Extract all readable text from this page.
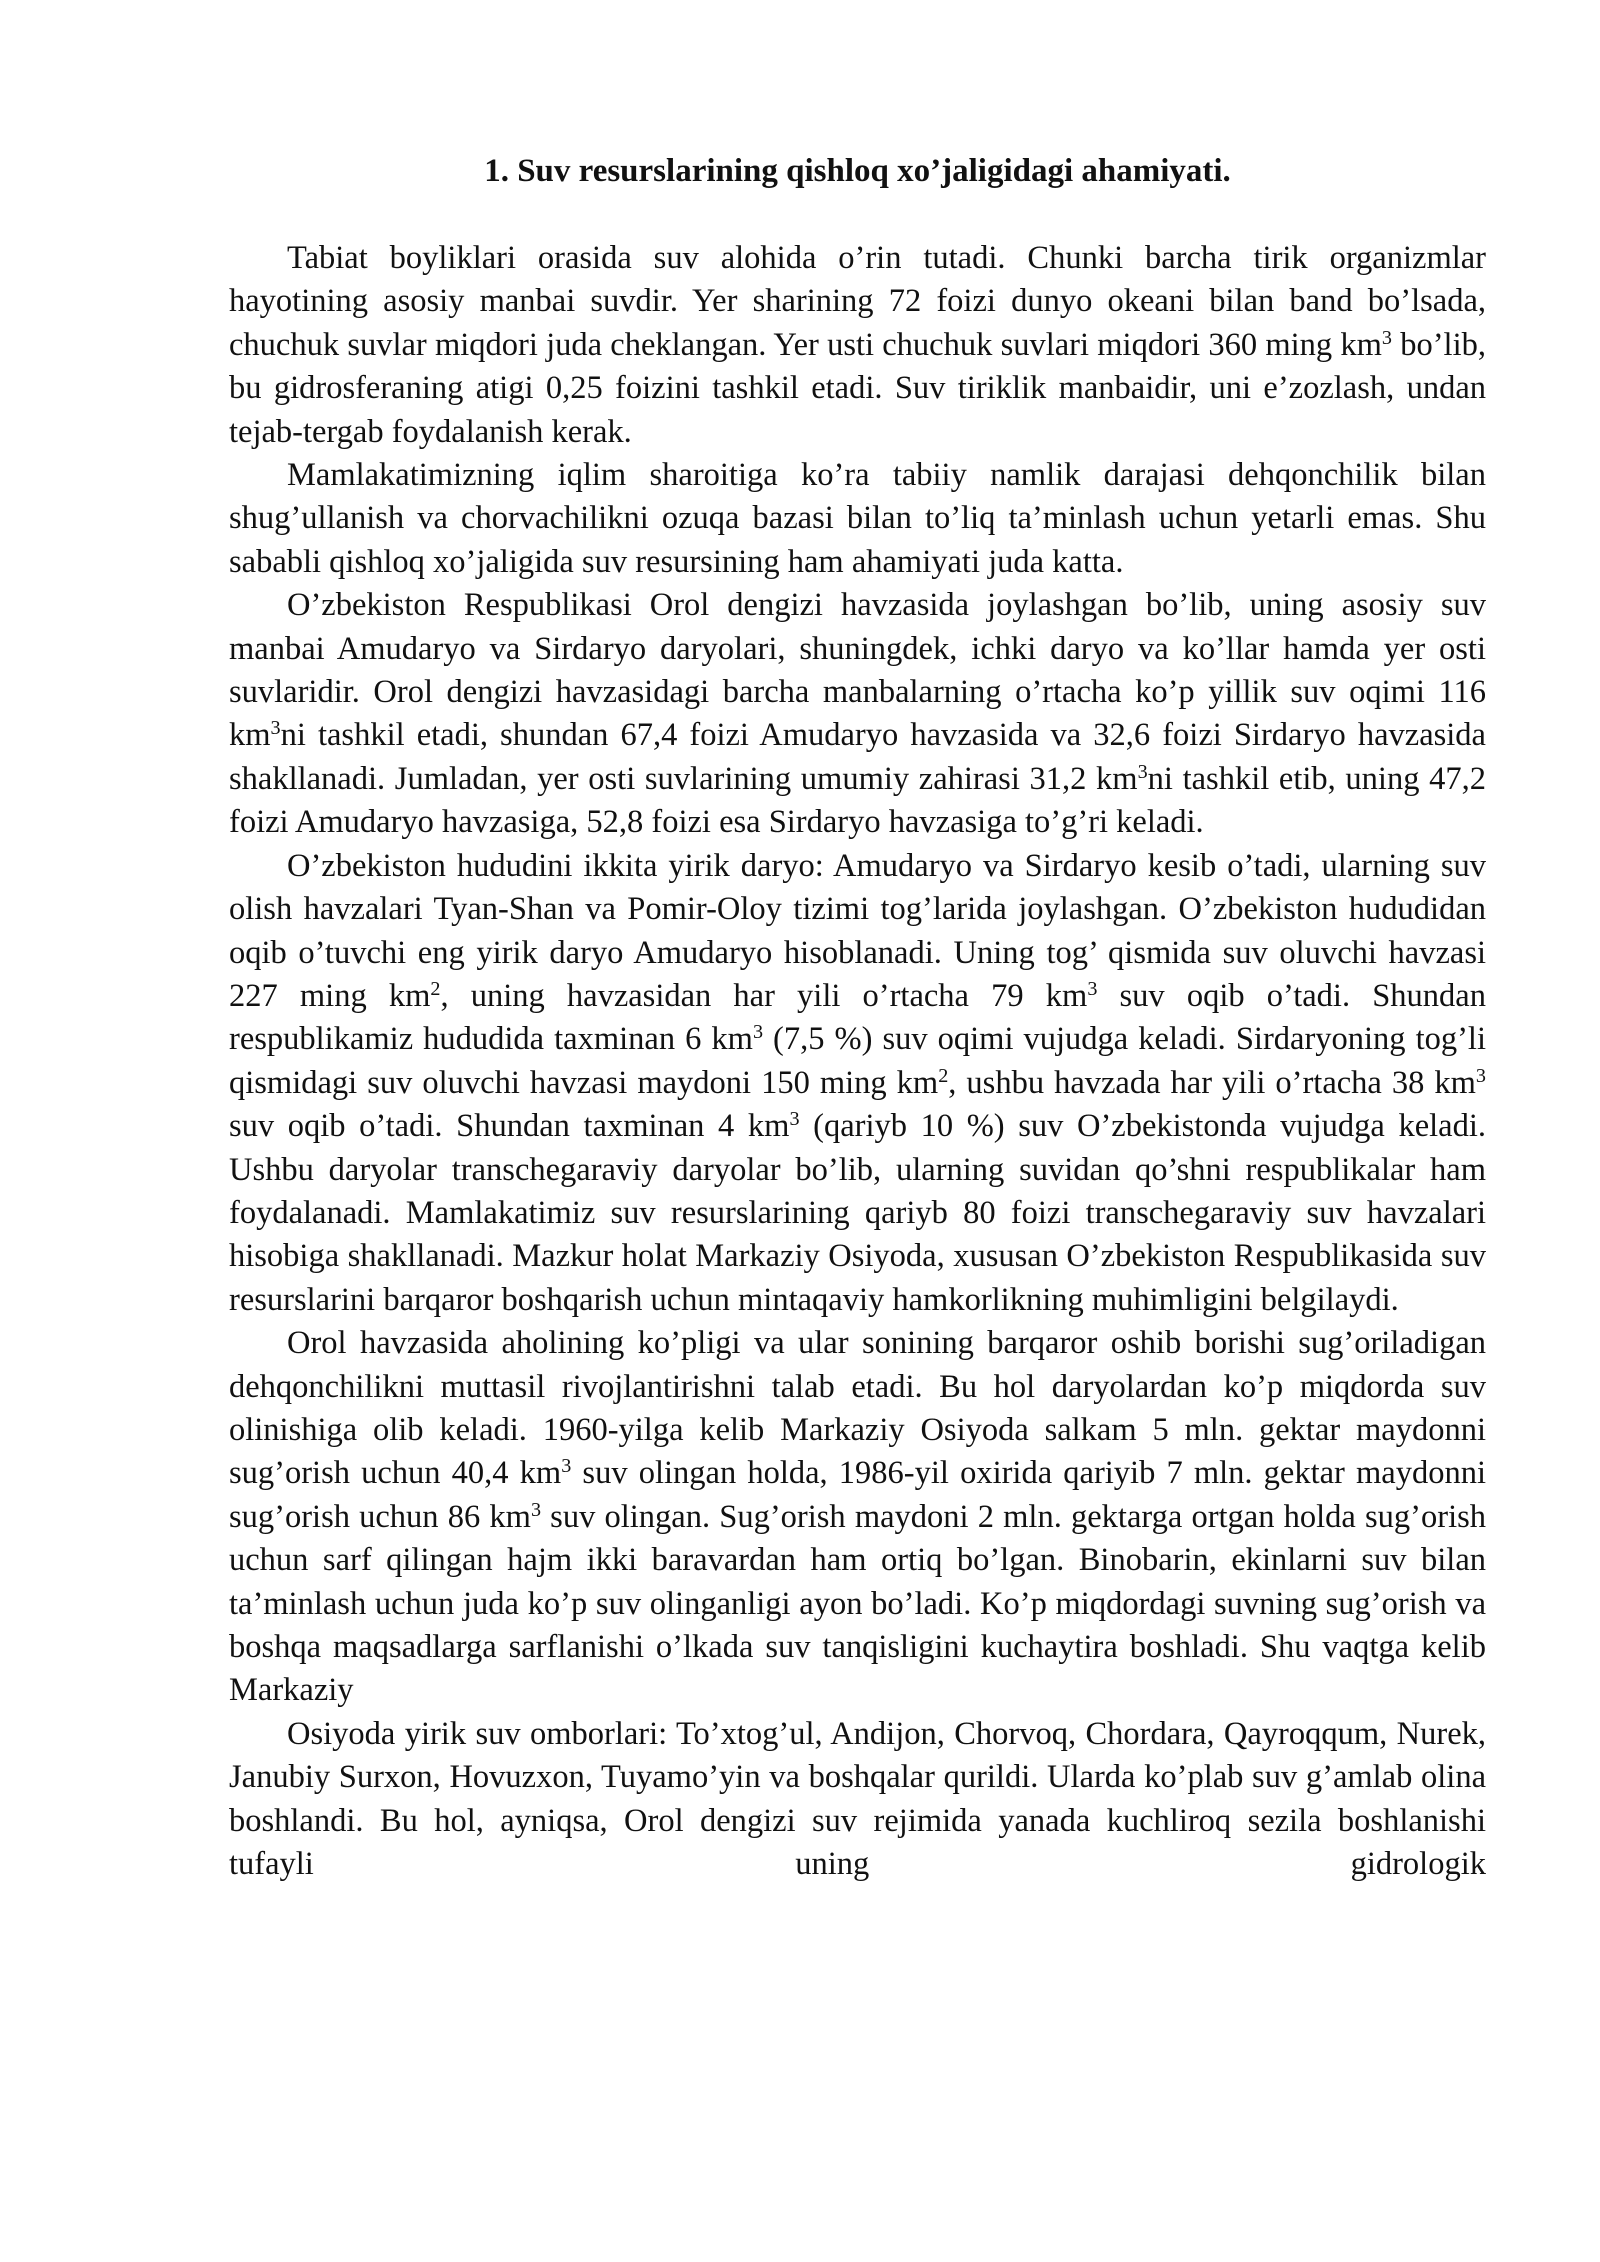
1. Suv resurslarining qishloq xo’jaligidagi ahamiyati.

Tabiat boyliklari orasida suv alohida o’rin tutadi. Chunki barcha tirik organizmlar hayotining asosiy manbai suvdir. Yer sharining 72 foizi dunyo okeani bilan band bo’lsada, chuchuk suvlar miqdori juda cheklangan. Yer usti chuchuk suvlari miqdori 360 ming $km^3$ bo’lib, bu gidrosferaning atigi 0,25 foizini tashkil etadi. Suv tiriklik manbaidir, uni e’zozlash, undan tejab-tergab foydalanish kerak.

Mamlakatimizning iqlim sharoitiga ko’ra tabiiy namlik darajasi dehqonchilik bilan shug’ullanish va chorvachilikni ozuqa bazasi bilan to’liq ta’minlash uchun yetarli emas. Shu sababli qishloq xo’jaligida suv resursining ham ahamiyati juda katta.

O’zbekiston Respublikasi Orol dengizi havzasida joylashgan bo’lib, uning asosiy suv manbai Amudaryo va Sirdaryo daryolari, shuningdek, ichki daryo va ko’llar hamda yer osti suvlaridir. Orol dengizi havzasidagi barcha manbalarning o’rtacha ko’p yillik suv oqimi 116 $km^3ni$ tashkil etadi, shundan 67,4 foizi Amudaryo havzasida va 32,6 foizi Sirdaryo havzasida shakllanadi. Jumladan, yer osti suvlarining umumiy zahirasi 31,2 $km^3ni$ tashkil etib, uning 47,2 foizi Amudaryo havzasiga, 52,8 foizi esa Sirdaryo havzasiga to’g’ri keladi.

O’zbekiston hududini ikkita yirik daryo: Amudaryo va Sirdaryo kesib o’tadi, ularning suv olish havzalari Tyan-Shan va Pomir-Oloy tizimi tog’larida joylashgan. O’zbekiston hududidan oqib o’tuvchi eng yirik daryo Amudaryo hisoblanadi. Uning tog’ qismida suv oluvchi havzasi 227 ming $km^2$, uning havzasidan har yili o’rtacha 79 $km^3$ suv oqib o’tadi. Shundan respublikamiz hududida taxminan 6 $km^3$ (7,5 %) suv oqimi vujudga keladi. Sirdaryoning tog’li qismidagi suv oluvchi havzasi maydoni 150 ming $km^2$, ushbu havzada har yili o’rtacha 38 $km^3$ suv oqib o’tadi. Shundan taxminan 4 $km^3$ (qariyb 10 %) suv O’zbekistonda vujudga keladi. Ushbu daryolar transchegaraviy daryolar bo’lib, ularning suvidan qo’shni respublikalar ham foydalanadi. Mamlakatimiz suv resurslarining qariyb 80 foizi transchegaraviy suv havzalari hisobiga shakllanadi. Mazkur holat Markaziy Osiyoda, xususan O’zbekiston Respublikasida suv resurslarini barqaror boshqarish uchun mintaqaviy hamkorlikning muhimligini belgilaydi.

Orol havzasida aholining ko’pligi va ular sonining barqaror oshib borishi sug’oriladigan dehqonchilikni muttasil rivojlantirishni talab etadi. Bu hol daryolardan ko’p miqdorda suv olinishiga olib keladi. 1960-yilga kelib Markaziy Osiyoda salkam 5 mln. gektar maydonni sug’orish uchun 40,4 $km^3$ suv olingan holda, 1986-yil oxirida qariyib 7 mln. gektar maydonni sug’orish uchun 86 $km^3$ suv olingan. Sug’orish maydoni 2 mln. gektarga ortgan holda sug’orish uchun sarf qilingan hajm ikki baravardan ham ortiq bo’lgan. Binobarin, ekinlarni suv bilan ta’minlash uchun juda ko’p suv olinganligi ayon bo’ladi. Ko’p miqdordagi suvning sug’orish va boshqa maqsadlarga sarflanishi o’lkada suv tanqisligini kuchaytira boshladi. Shu vaqtga kelib Markaziy

Osiyoda yirik suv omborlari: To’xtog’ul, Andijon, Chorvoq, Chordara, Qayroqqum, Nurek, Janubiy Surxon, Hovuzxon, Tuyamo’yin va boshqalar qurildi. Ularda ko’plab suv g’amlab olina boshlandi. Bu hol, ayniqsa, Orol dengizi suv rejimida yanada kuchliroq sezila boshlanishi tufayli uning gidrologik
